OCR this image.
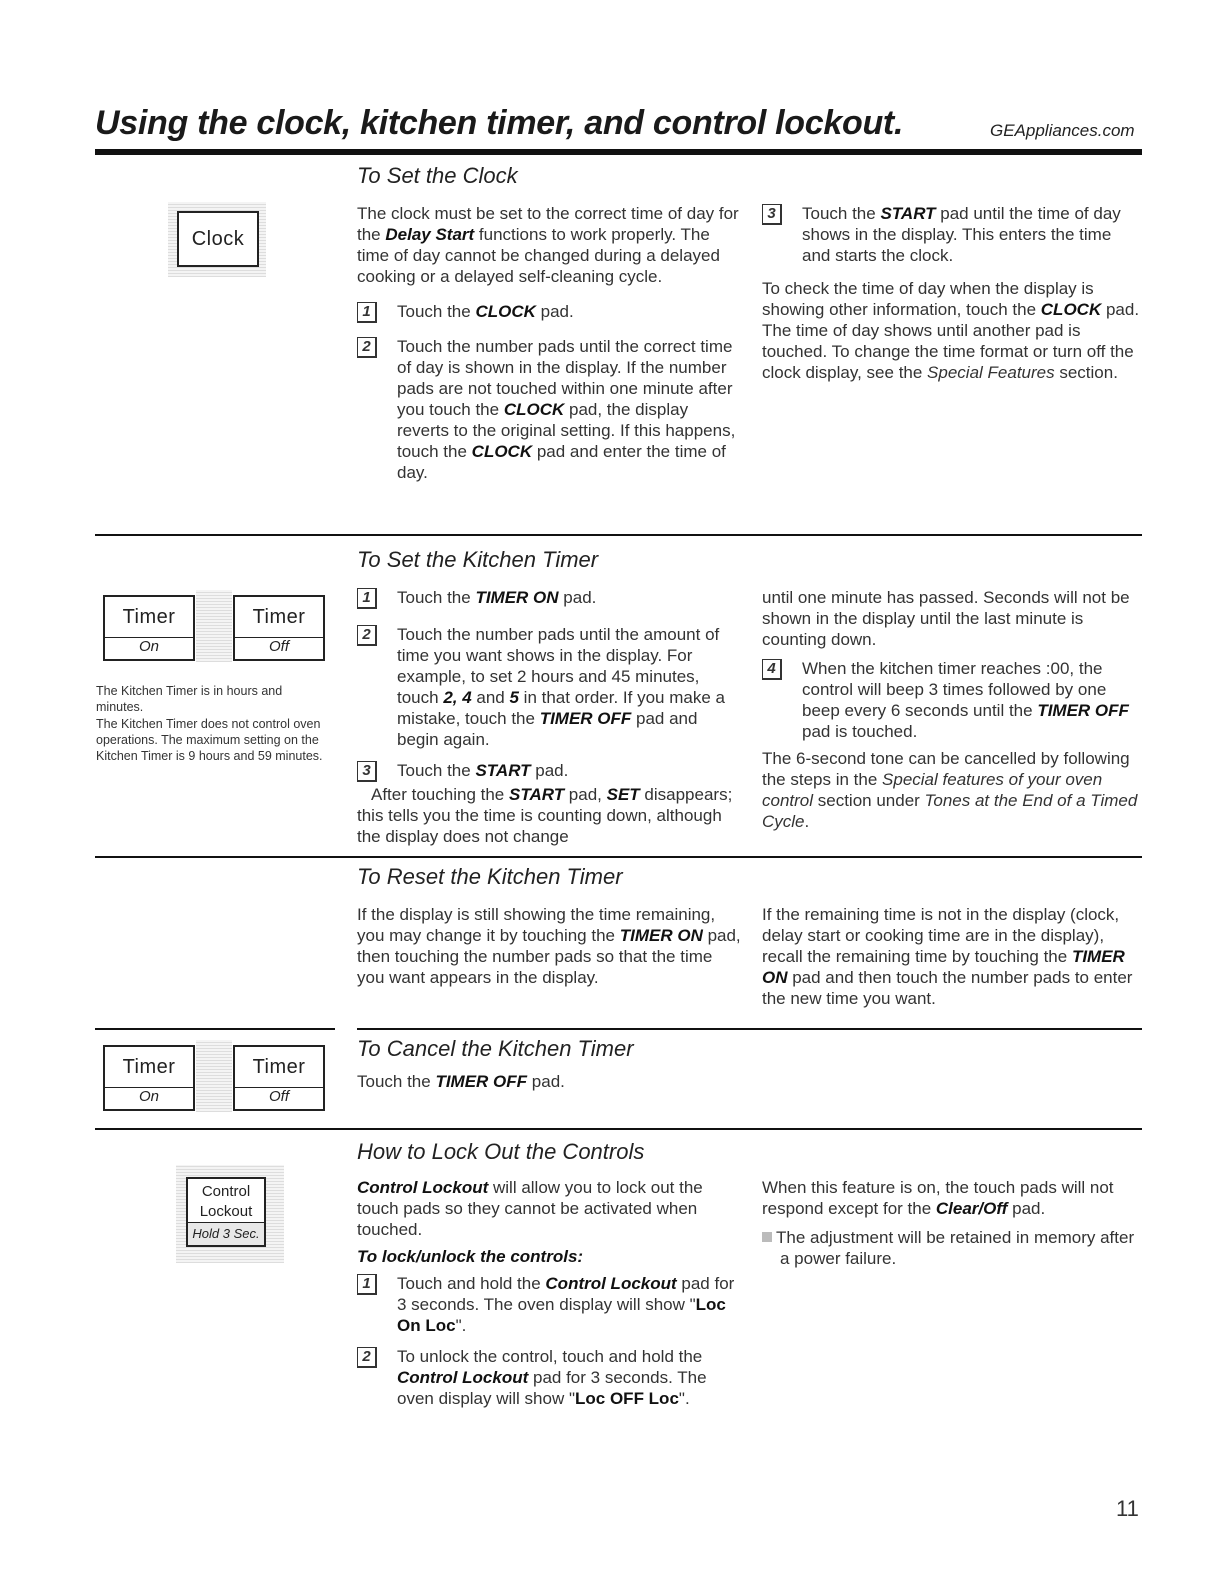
Using the clock, kitchen timer, and control lockout.	GEAppliances.com
To Set the Clock
Clock

The clock must be set to the correct time of day for the Delay Start functions to work properly. The time of day cannot be changed during a delayed cooking or a delayed self-cleaning cycle.

1	Touch the CLOCK pad.
2	Touch the number pads until the correct time of day is shown in the display. If the number pads are not touched within one minute after you touch the CLOCK pad, the display reverts to the original setting. If this happens, touch the CLOCK pad and enter the time of day.
3	Touch the START pad until the time of day shows in the display. This enters the time and starts the clock.

To check the time of day when the display is showing other information, touch the CLOCK pad. The time of day shows until another pad is touched. To change the time format or turn off the clock display, see the Special Features section.

To Set the Kitchen Timer
Timer
On
Timer
Off
The Kitchen Timer is in hours and minutes.
The Kitchen Timer does not control oven operations. The maximum setting on the Kitchen Timer is 9 hours and 59 minutes.
1	Touch the TIMER ON pad.
2	Touch the number pads until the amount of time you want shows in the display. For example, to set 2 hours and 45 minutes, touch 2, 4 and 5 in that order. If you make a mistake, touch the TIMER OFF pad and begin again.
3	Touch the START pad.

After touching the START pad, SET disappears; this tells you the time is counting down, although the display does not change

until one minute has passed. Seconds will not be shown in the display until the last minute is counting down.

4	When the kitchen timer reaches :00, the control will beep 3 times followed by one beep every 6 seconds until the TIMER OFF pad is touched.

The 6-second tone can be cancelled by following the steps in the Special features of your oven control section under Tones at the End of a Timed Cycle.

To Reset the Kitchen Timer
If the display is still showing the time remaining, you may change it by touching the TIMER ON pad, then touching the number pads so that the time you want appears in the display.
If the remaining time is not in the display (clock, delay start or cooking time are in the display), recall the remaining time by touching the TIMER ON pad and then touch the number pads to enter the new time you want.
To Cancel the Kitchen Timer
Touch the TIMER OFF pad.
Timer
On
Timer
Off
How to Lock Out the Controls
Control
Lockout
Hold 3 Sec.

Control Lockout will allow you to lock out the touch pads so they cannot be activated when touched.

To lock/unlock the controls:

1	Touch and hold the Control Lockout pad for 3 seconds. The oven display will show "Loc On Loc".
2	To unlock the control, touch and hold the Control Lockout pad for 3 seconds. The oven display will show "Loc OFF Loc".

When this feature is on, the touch pads will not respond except for the Clear/Off pad.

The adjustment will be retained in memory after a power failure.

11
